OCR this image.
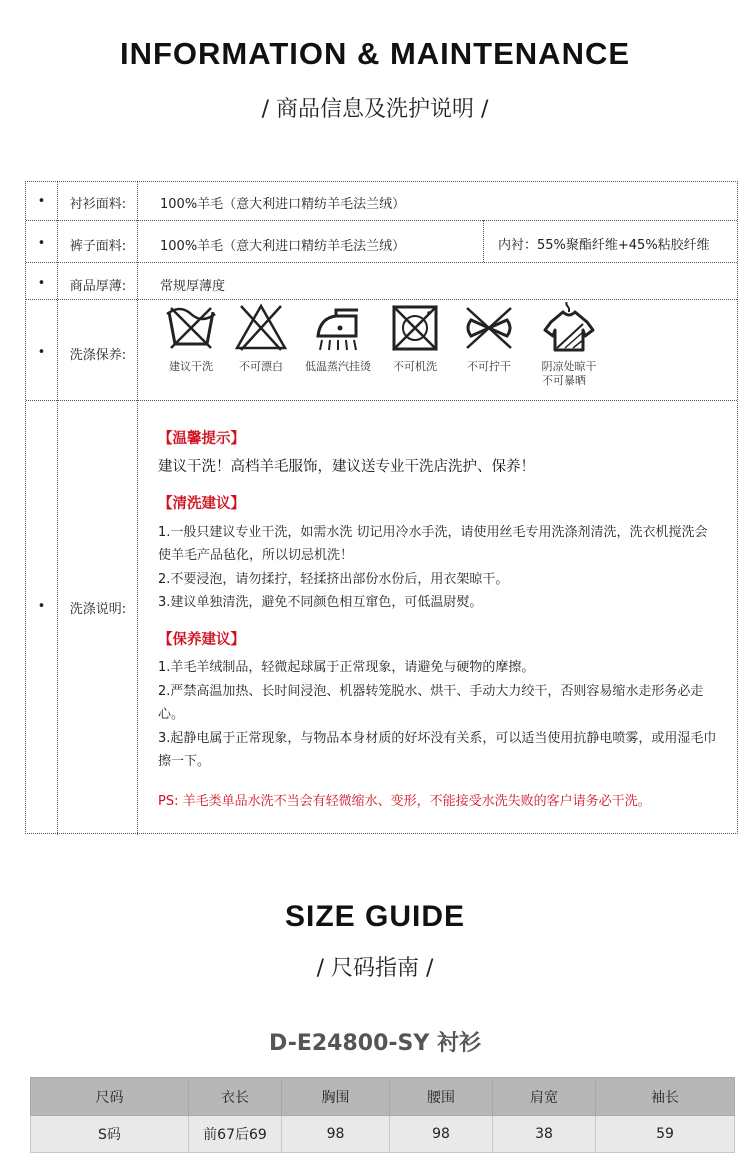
INFORMATION & MAINTENANCE
/ 商品信息及洗护说明 /
•	衬衫面料:	100%羊毛（意大利进口精纺羊毛法兰绒）
•	裤子面料:	100%羊毛（意大利进口精纺羊毛法兰绒）	内衬：55%聚酯纤维+45%粘胶纤维
•	商品厚薄:	常规厚薄度
•	洗涤保养:
建议干洗	不可漂白	低温蒸汽挂烫	不可机洗	不可拧干	阴凉处晾干
不可暴晒
•	洗涤说明:
【温馨提示】
建议干洗！高档羊毛服饰，建议送专业干洗店洗护、保养！
【清洗建议】
1.一般只建议专业干洗，如需水洗 切记用冷水手洗，请使用丝毛专用洗涤剂清洗，洗衣机搅洗会使羊毛产品毡化，所以切忌机洗！
2.不要浸泡，请勿揉拧，轻揉挤出部份水份后，用衣架晾干。
3.建议单独清洗，避免不同颜色相互窜色，可低温尉熨。
【保养建议】
1.羊毛羊绒制品，轻微起球属于正常现象，请避免与硬物的摩擦。
2.严禁高温加热、长时间浸泡、机器转笼脱水、烘干、手动大力绞干，否则容易缩水走形务必走心。
3.起静电属于正常现象，与物品本身材质的好坏没有关系，可以适当使用抗静电喷雾，或用湿毛巾擦一下。
PS: 羊毛类单品水洗不当会有轻微缩水、变形，不能接受水洗失败的客户请务必干洗。
SIZE GUIDE
/ 尺码指南 /
D-E24800-SY 衬衫
尺码	衣长	胸围	腰围	肩宽	袖长
S码	前67后69	98	98	38	59
